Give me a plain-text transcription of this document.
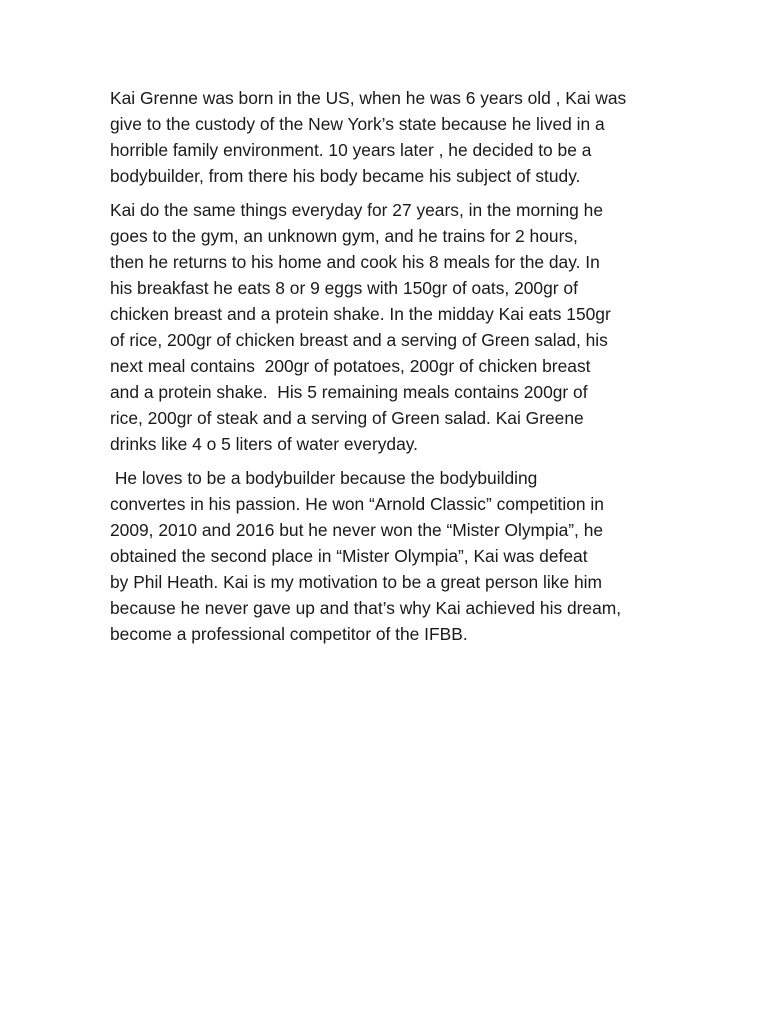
Kai Grenne was born in the US, when he was 6 years old , Kai was
give to the custody of the New York’s state because he lived in a
horrible family environment. 10 years later , he decided to be a
bodybuilder, from there his body became his subject of study.
Kai do the same things everyday for 27 years, in the morning he
goes to the gym, an unknown gym, and he trains for 2 hours,
then he returns to his home and cook his 8 meals for the day. In
his breakfast he eats 8 or 9 eggs with 150gr of oats, 200gr of
chicken breast and a protein shake. In the midday Kai eats 150gr
of rice, 200gr of chicken breast and a serving of Green salad, his
next meal contains  200gr of potatoes, 200gr of chicken breast
and a protein shake.  His 5 remaining meals contains 200gr of
rice, 200gr of steak and a serving of Green salad. Kai Greene
drinks like 4 o 5 liters of water everyday.
He loves to be a bodybuilder because the bodybuilding
convertes in his passion. He won “Arnold Classic” competition in
2009, 2010 and 2016 but he never won the “Mister Olympia”, he
obtained the second place in “Mister Olympia”, Kai was defeat
by Phil Heath. Kai is my motivation to be a great person like him
because he never gave up and that’s why Kai achieved his dream,
become a professional competitor of the IFBB.
